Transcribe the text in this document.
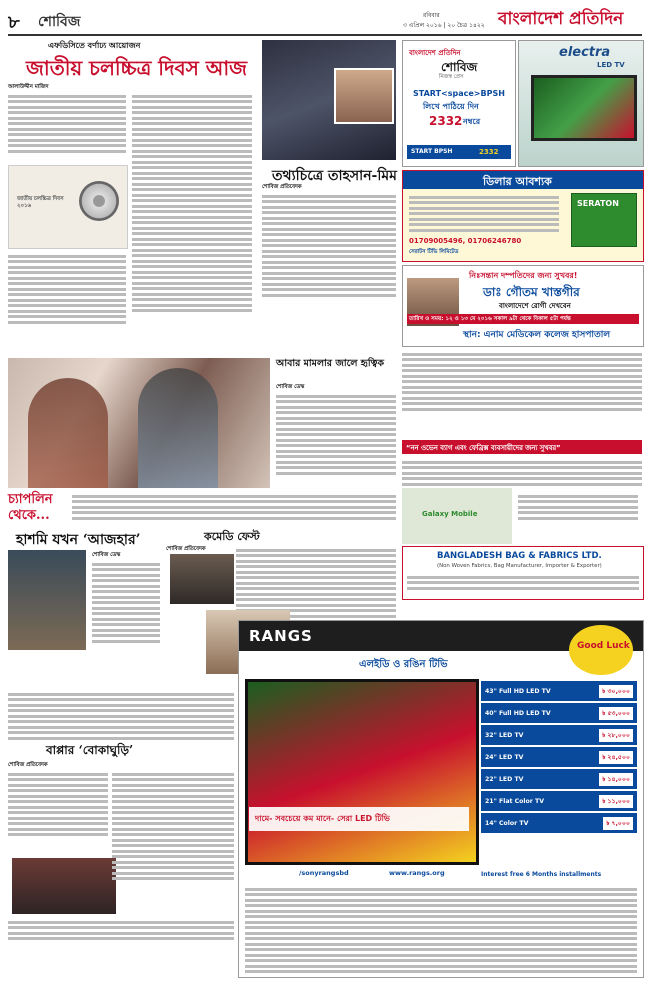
৮ শোবিজ	রবিবার
৩ এপ্রিল ২০১৬ | ২০ চৈত্র ১৪২২ বাংলাদেশ প্রতিদিন
এফডিসিতে বর্ণাঢ্য আয়োজন
জাতীয় চলচ্চিত্র দিবস আজ
আলাউদ্দীন মাজিদ
জাতীয় চলচ্চিত্র দিবস ২০১৬
তথ্যচিত্রে তাহসান-মিম
শোবিজ প্রতিবেদক
বাংলাদেশ প্রতিদিন
শোবিজ
নিজস্ব প্রেস
START<space>BPSH
লিখে পাঠিয়ে দিন
2332 নম্বরে
START BPSH	2332
electra
LED TV
ডিলার আবশ্যক
01709005496, 01706246780
সেরাটন টিভি লিমিটেড
SERATON
নিঃসন্তান দম্পতিদের জন্য সুখবর!
ডাঃ গৌতম খাস্তগীর
বাংলাদেশে রোগী দেখবেন
তারিখ ও সময়: ১২ ও ১৩ মে ২০১৬ সকাল ৯টা থেকে বিকাল ৫টা পর্যন্ত
স্থান: এনাম মেডিকেল কলেজ হাসপাতাল
আবার মামলার জালে হৃত্বিক
শোবিজ ডেস্ক
চ্যাপলিন থেকে...
“নন ওভেন ব্যাগ এবং ফেব্রিক্স ব্যবসায়ীদের জন্য সুখবর”
Galaxy Mobile
BANGLADESH BAG & FABRICS LTD.
(Non Woven Fabrics, Bag Manufacturer, Importer & Exporter)
হাশমি যখন ‘আজহার’
শোবিজ ডেস্ক
কমেডি ফেস্ট
শোবিজ প্রতিবেদক
বাপ্পার ‘বোকাঘুড়ি’
শোবিজ প্রতিবেদক
RANGS
Good Luck
এলইডি ও রঙিন টিভি
দামে- সবচেয়ে কম মানে- সেরা LED টিভি
43" Full HD LED TV	৳ ৩০,০০০
40" Full HD LED TV	৳ ৫৩,০০০
32" LED TV	৳ ২৮,০০০
24" LED TV	৳ ২৪,৫০০
22" LED TV	৳ ১৪,০০০
21" Flat Color TV	৳ ১১,০০০
14" Color TV	৳ ৭,০০০
Interest free 6 Months installments
/sonyrangsbd	www.rangs.org
